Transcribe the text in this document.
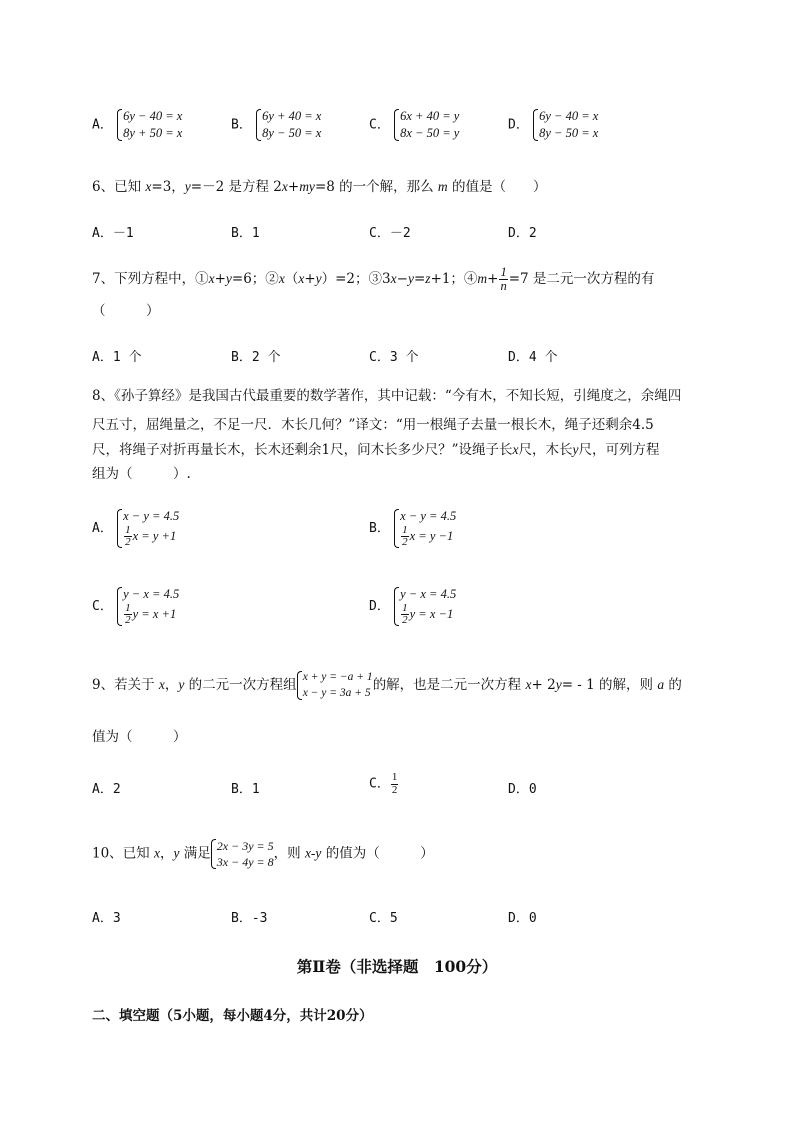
A．
6y − 40 = x
8y + 50 = x
B．
6y + 40 = x
8y − 50 = x
C．
6x + 40 = y
8x − 50 = y
D．
6y − 40 = x
8y − 50 = x
6、已知 x=3，y=－2 是方程 2x+my=8 的一个解，那么 m 的值是（　　）
A．－1	B．1	C．－2	D．2
7、下列方程中，①x+y=6；②x（x+y）=2；③3x−y=z+1；④m+ $\frac{1}{n} =7$ 是二元一次方程的有
（　　　）
A．1 个	B．2 个	C．3 个	D．4 个
8、《孙子算经》是我国古代最重要的数学著作，其中记载：“今有木，不知长短，引绳度之，余绳四
尺五寸，屈绳量之，不足一尺．木长几何？”译文：“用一根绳子去量一根长木，绳子还剩余4.5
尺，将绳子对折再量长木，长木还剩余1尺，问木长多少尺？”设绳子长x尺，木长y尺，可列方程
组为（　　　）.
A．
x − y = 4.5
$\frac{1}{2}$ x = y +1	B．
x − y = 4.5
$\frac{1}{2}$ x = y −1
C．
y − x = 4.5
$\frac{1}{2}$ y = x +1	D．
y − x = 4.5
$\frac{1}{2}$ y = x −1
9、若关于 x，y 的二元一次方程组
x + y = −a + 1
x − y = 3a + 5 的解，也是二元一次方程 x+ 2y= - 1 的解，则 a 的
值为（　　　）
A．2	B．1	C． $\frac{1}{2}$	D．0
10、已知 x，y 满足 2x − 3y = 5
3x − 4y = 8
，则 x-y 的值为（　　　）
A．3	B．-3	C．5	D．0
第Ⅱ卷（非选择题　100分）
二、填空题（5小题，每小题4分，共计20分）
